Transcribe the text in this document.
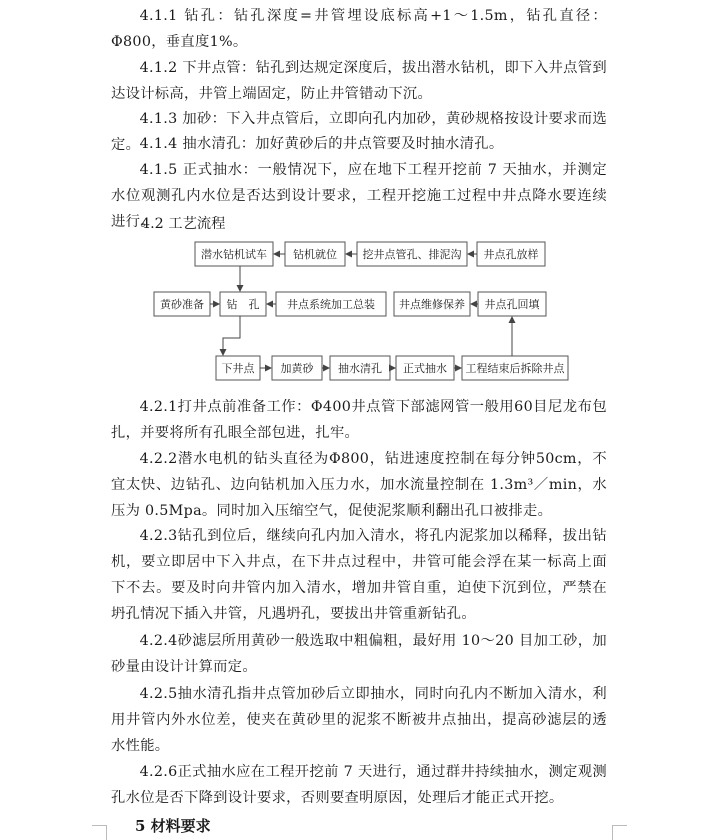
4.1.1 钻孔：钻孔深度=井管埋设底标高+1～1.5m，钻孔直径：Φ800，垂直度1%。

4.1.2 下井点管：钻孔到达规定深度后，拔出潜水钻机，即下入井点管到达设计标高，井管上端固定，防止井管错动下沉。

4.1.3 加砂：下入井点管后，立即向孔内加砂，黄砂规格按设计要求而选定。 4.1.4 抽水清孔：加好黄砂后的井点管要及时抽水清孔。

4.1.5 正式抽水：一般情况下，应在地下工程开挖前 7 天抽水，并测定水位观测孔内水位是否达到设计要求，工程开挖施工过程中井点降水要连续进行。

4.2 工艺流程

潜水钻机试车 钻机就位 挖井点管孔、排泥沟 井点孔放样
黄砂准备 钻　孔	井点系统加工总装 井点维修保养 井点孔回填
下井点 加黄砂 抽水清孔 正式抽水 工程结束后拆除井点

4.2.1打井点前准备工作：Φ400井点管下部滤网管一般用60目尼龙布包扎，并要将所有孔眼全部包进，扎牢。

4.2.2潜水电机的钻头直径为Φ800，钻进速度控制在每分钟50cm，不宜太快、边钻孔、边向钻机加入压力水，加水流量控制在 1.3m³／min，水压为 0.5Mpa。同时加入压缩空气，促使泥浆顺利翻出孔口被排走。

4.2.3钻孔到位后，继续向孔内加入清水，将孔内泥浆加以稀释，拔出钻机，要立即居中下入井点，在下井点过程中，井管可能会浮在某一标高上面下不去。要及时向井管内加入清水，增加井管自重，迫使下沉到位，严禁在坍孔情况下插入井管，凡遇坍孔，要拔出井管重新钻孔。

4.2.4砂滤层所用黄砂一般选取中粗偏粗，最好用 10～20 目加工砂，加砂量由设计计算而定。

4.2.5抽水清孔指井点管加砂后立即抽水，同时向孔内不断加入清水，利用井管内外水位差，使夹在黄砂里的泥浆不断被井点抽出，提高砂滤层的透水性能。

4.2.6正式抽水应在工程开挖前 7 天进行，通过群井持续抽水，测定观测孔水位是否下降到设计要求，否则要查明原因，处理后才能正式开挖。

5 材料要求
